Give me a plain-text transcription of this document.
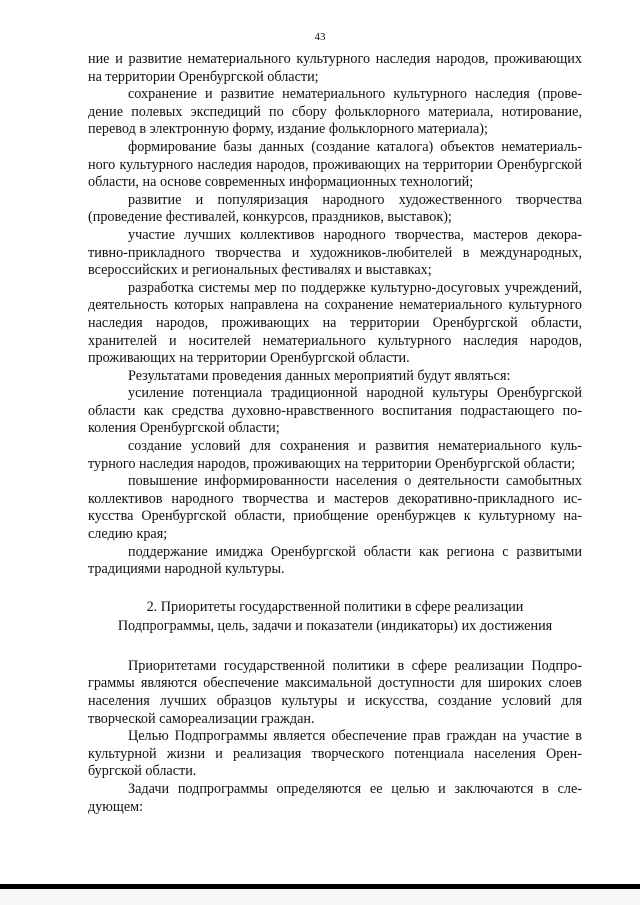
43

ние и развитие нематериального культурного наследия народов, проживающих на территории Оренбургской области;

сохранение и развитие нематериального культурного наследия (проведение полевых экспедиций по сбору фольклорного материала, нотирование, перевод в электронную форму, издание фольклорного материала);

формирование базы данных (создание каталога) объектов нематериального культурного наследия народов, проживающих на территории Оренбургской области, на основе современных информационных технологий;

развитие и популяризация народного художественного творчества (проведение фестивалей, конкурсов, праздников, выставок);

участие лучших коллективов народного творчества, мастеров декоративно-прикладного творчества и художников-любителей в международных, всероссийских и региональных фестивалях и выставках;

разработка системы мер по поддержке культурно-досуговых учреждений, деятельность которых направлена на сохранение нематериального культурного наследия народов, проживающих на территории Оренбургской области, хранителей и носителей нематериального культурного наследия народов, проживающих на территории Оренбургской области.

Результатами проведения данных мероприятий будут являться:

усиление потенциала традиционной народной культуры Оренбургской области как средства духовно-нравственного воспитания подрастающего поколения Оренбургской области;

создание условий для сохранения и развития нематериального культурного наследия народов, проживающих на территории Оренбургской области;

повышение информированности населения о деятельности самобытных коллективов народного творчества и мастеров декоративно-прикладного искусства Оренбургской области, приобщение оренбуржцев к культурному наследию края;

поддержание имиджа Оренбургской области как региона с развитыми традициями народной культуры.

2. Приоритеты государственной политики в сфере реализации
Подпрограммы, цель, задачи и показатели (индикаторы) их достижения

Приоритетами государственной политики в сфере реализации Подпрограммы являются обеспечение максимальной доступности для широких слоев населения лучших образцов культуры и искусства, создание условий для творческой самореализации граждан.

Целью Подпрограммы является обеспечение прав граждан на участие в культурной жизни и реализация творческого потенциала населения Оренбургской области.

Задачи подпрограммы определяются ее целью и заключаются в следующем:
